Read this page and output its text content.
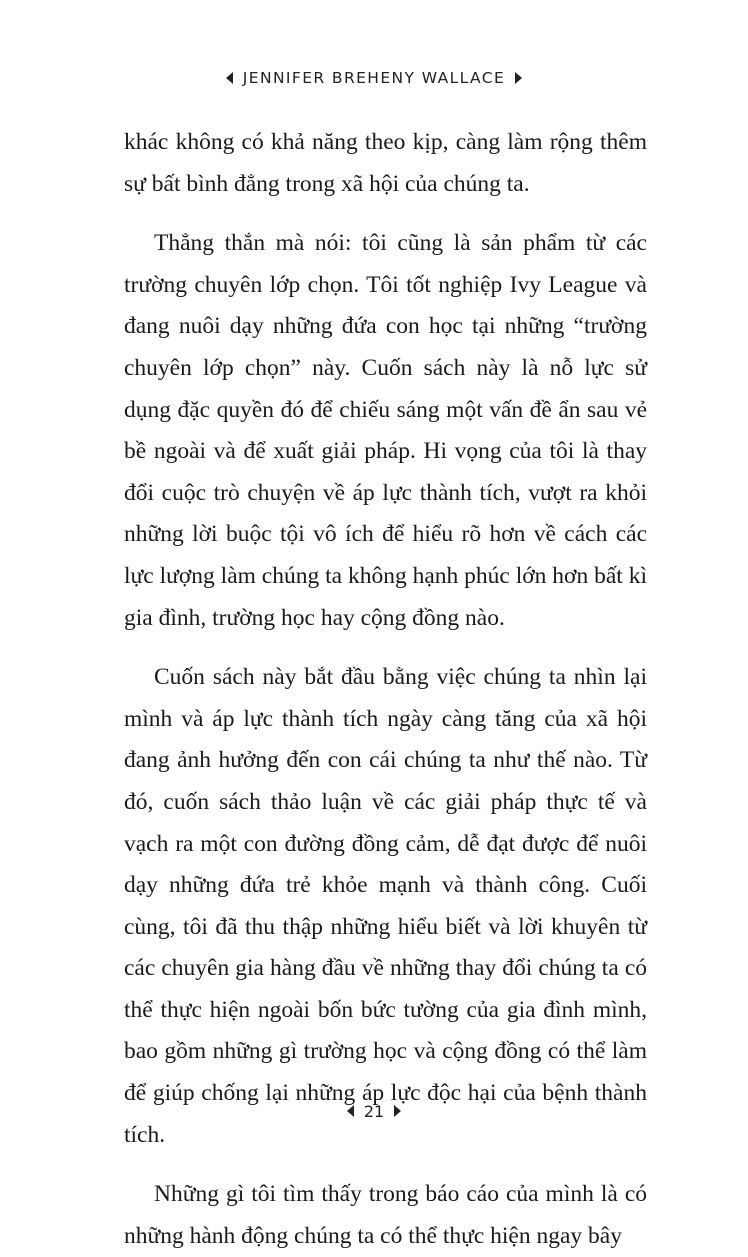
JENNIFER BREHENY WALLACE

khác không có khả năng theo kịp, càng làm rộng thêm sự bất bình đẳng trong xã hội của chúng ta.

Thẳng thắn mà nói: tôi cũng là sản phẩm từ các trường chuyên lớp chọn. Tôi tốt nghiệp Ivy League và đang nuôi dạy những đứa con học tại những “trường chuyên lớp chọn” này. Cuốn sách này là nỗ lực sử dụng đặc quyền đó để chiếu sáng một vấn đề ẩn sau vẻ bề ngoài và để xuất giải pháp. Hi vọng của tôi là thay đổi cuộc trò chuyện về áp lực thành tích, vượt ra khỏi những lời buộc tội vô ích để hiểu rõ hơn về cách các lực lượng làm chúng ta không hạnh phúc lớn hơn bất kì gia đình, trường học hay cộng đồng nào.

Cuốn sách này bắt đầu bằng việc chúng ta nhìn lại mình và áp lực thành tích ngày càng tăng của xã hội đang ảnh hưởng đến con cái chúng ta như thế nào. Từ đó, cuốn sách thảo luận về các giải pháp thực tế và vạch ra một con đường đồng cảm, dễ đạt được để nuôi dạy những đứa trẻ khỏe mạnh và thành công. Cuối cùng, tôi đã thu thập những hiểu biết và lời khuyên từ các chuyên gia hàng đầu về những thay đổi chúng ta có thể thực hiện ngoài bốn bức tường của gia đình mình, bao gồm những gì trường học và cộng đồng có thể làm để giúp chống lại những áp lực độc hại của bệnh thành tích.

Những gì tôi tìm thấy trong báo cáo của mình là có những hành động chúng ta có thể thực hiện ngay bây

21
